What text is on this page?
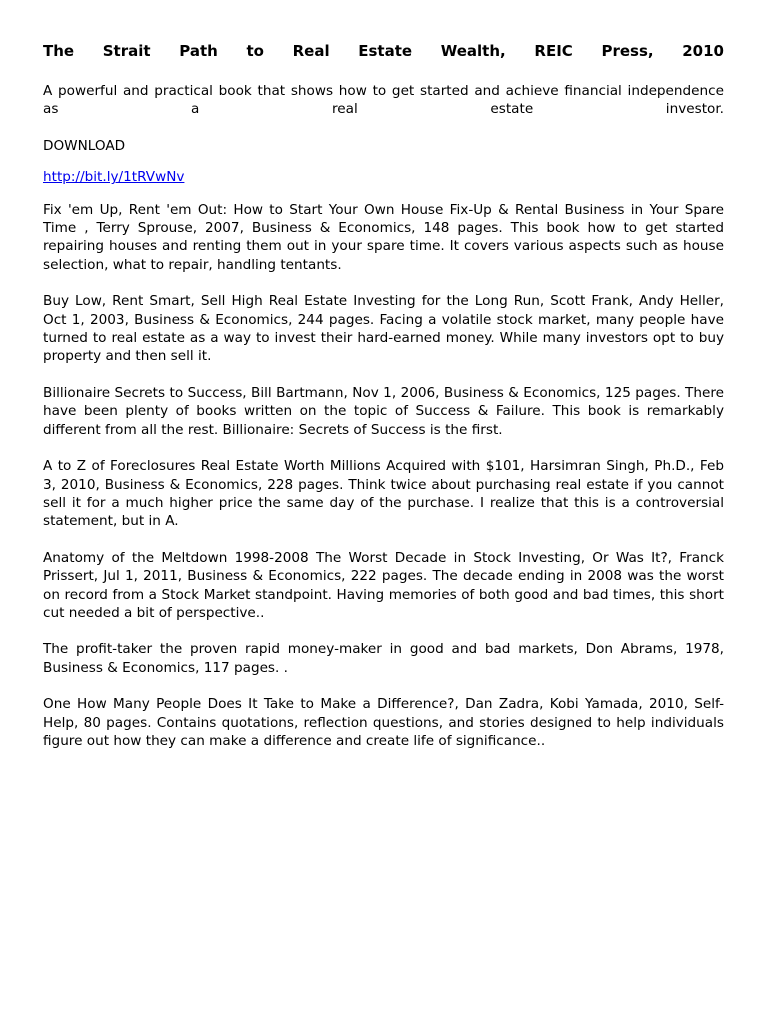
The Strait Path to Real Estate Wealth, REIC Press, 2010
A powerful and practical book that shows how to get started and achieve financial independence as a real estate investor.
DOWNLOAD
http://bit.ly/1tRVwNv
Fix 'em Up, Rent 'em Out: How to Start Your Own House Fix-Up & Rental Business in Your Spare Time , Terry Sprouse, 2007, Business & Economics, 148 pages. This book how to get started repairing houses and renting them out in your spare time. It covers various aspects such as house selection, what to repair, handling tentants.
Buy Low, Rent Smart, Sell High Real Estate Investing for the Long Run, Scott Frank, Andy Heller, Oct 1, 2003, Business & Economics, 244 pages. Facing a volatile stock market, many people have turned to real estate as a way to invest their hard-earned money. While many investors opt to buy property and then sell it.
Billionaire Secrets to Success, Bill Bartmann, Nov 1, 2006, Business & Economics, 125 pages. There have been plenty of books written on the topic of Success & Failure. This book is remarkably different from all the rest. Billionaire: Secrets of Success is the first.
A to Z of Foreclosures Real Estate Worth Millions Acquired with $101, Harsimran Singh, Ph.D., Feb 3, 2010, Business & Economics, 228 pages. Think twice about purchasing real estate if you cannot sell it for a much higher price the same day of the purchase. I realize that this is a controversial statement, but in A.
Anatomy of the Meltdown 1998-2008 The Worst Decade in Stock Investing, Or Was It?, Franck Prissert, Jul 1, 2011, Business & Economics, 222 pages. The decade ending in 2008 was the worst on record from a Stock Market standpoint. Having memories of both good and bad times, this short cut needed a bit of perspective..
The profit-taker the proven rapid money-maker in good and bad markets, Don Abrams, 1978, Business & Economics, 117 pages. .
One How Many People Does It Take to Make a Difference?, Dan Zadra, Kobi Yamada, 2010, Self-Help, 80 pages. Contains quotations, reflection questions, and stories designed to help individuals figure out how they can make a difference and create life of significance..
